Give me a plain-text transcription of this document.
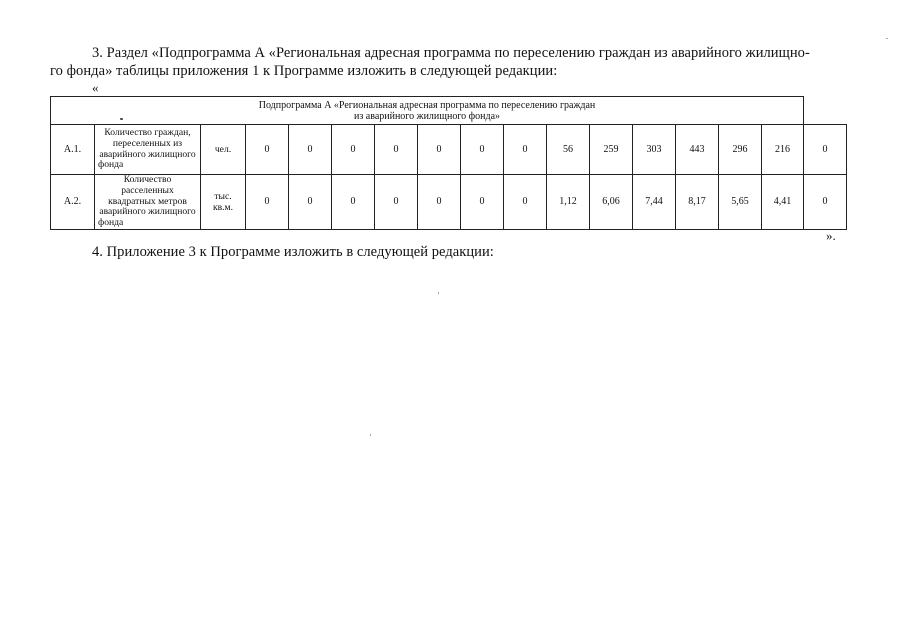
3. Раздел «Подпрограмма А «Региональная адресная программа по переселению граждан из аварийного жилищно-

го фонда» таблицы приложения 1 к Программе изложить в следующей редакции:

«
Подпрограмма А «Региональная адресная программа по переселению граждан
из аварийного жилищного фонда»																

А.1.	Количество граждан, переселенных из аварийного жилищного фонда	чел.	0	0	0	0	0	0	0	56	259	303	443	296	216	0
А.2.	Количество расселенных квадратных метров аварийного жилищного фонда	тыс. кв.м.	0	0	0	0	0	0	0	1,12	6,06	7,44	8,17	5,65	4,41	0
».

4. Приложение 3 к Программе изложить в следующей редакции:
